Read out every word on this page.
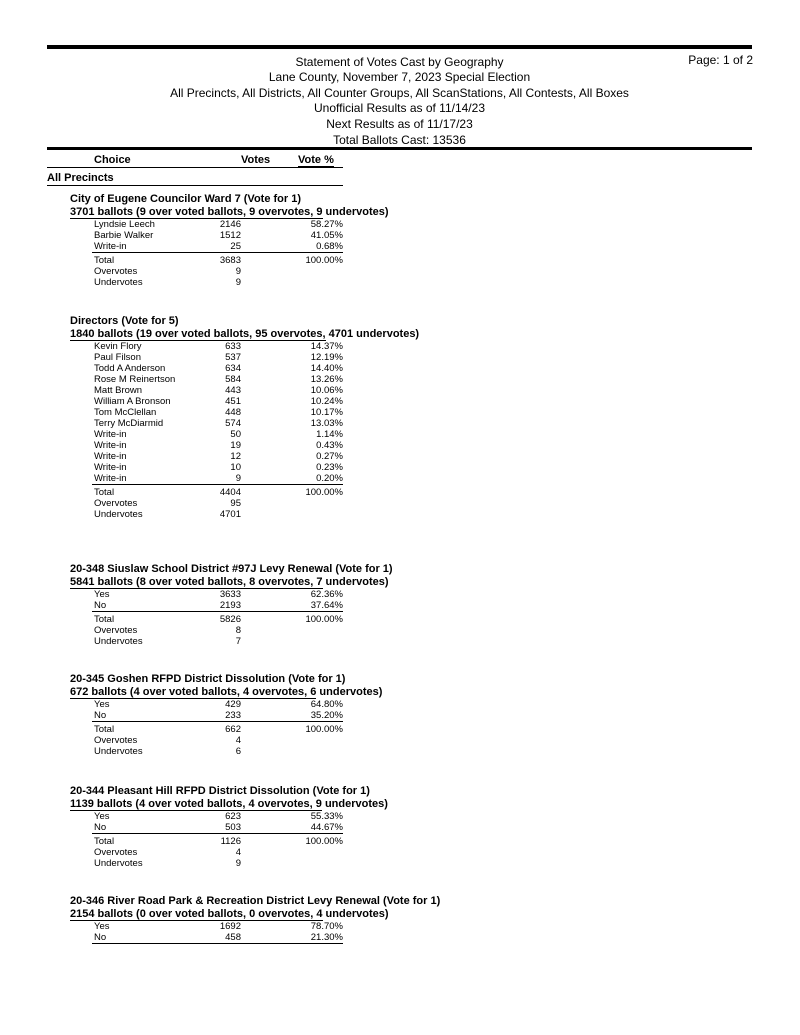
Statement of Votes Cast by Geography	Page: 1 of 2
Lane County, November 7, 2023 Special Election
All Precincts, All Districts, All Counter Groups, All ScanStations, All Contests, All Boxes
Unofficial Results as of 11/14/23
Next Results as of 11/17/23
Total Ballots Cast: 13536
Choice	Votes	Vote %
All Precincts
City of Eugene Councilor Ward 7 (Vote for 1)
3701 ballots (9 over voted ballots, 9 overvotes, 9 undervotes)
Lyndsie Leech	2146	58.27%
Barbie Walker	1512	41.05%
Write-in	25	0.68%
Total	3683	100.00%
Overvotes	9
Undervotes	9
Directors (Vote for 5)
1840 ballots (19 over voted ballots, 95 overvotes, 4701 undervotes)
Kevin Flory	633	14.37%
Paul Filson	537	12.19%
Todd A Anderson	634	14.40%
Rose M Reinertson	584	13.26%
Matt Brown	443	10.06%
William A Bronson	451	10.24%
Tom McClellan	448	10.17%
Terry McDiarmid	574	13.03%
Write-in	50	1.14%
Write-in	19	0.43%
Write-in	12	0.27%
Write-in	10	0.23%
Write-in	9	0.20%
Total	4404	100.00%
Overvotes	95
Undervotes	4701
20-348 Siuslaw School District #97J Levy Renewal (Vote for 1)
5841 ballots (8 over voted ballots, 8 overvotes, 7 undervotes)
Yes	3633	62.36%
No	2193	37.64%
Total	5826	100.00%
Overvotes	8
Undervotes	7
20-345 Goshen RFPD District Dissolution (Vote for 1)
672 ballots (4 over voted ballots, 4 overvotes, 6 undervotes)
Yes	429	64.80%
No	233	35.20%
Total	662	100.00%
Overvotes	4
Undervotes	6
20-344 Pleasant Hill RFPD District Dissolution (Vote for 1)
1139 ballots (4 over voted ballots, 4 overvotes, 9 undervotes)
Yes	623	55.33%
No	503	44.67%
Total	1126	100.00%
Overvotes	4
Undervotes	9
20-346 River Road Park & Recreation District Levy Renewal (Vote for 1)
2154 ballots (0 over voted ballots, 0 overvotes, 4 undervotes)
Yes	1692	78.70%
No	458	21.30%
